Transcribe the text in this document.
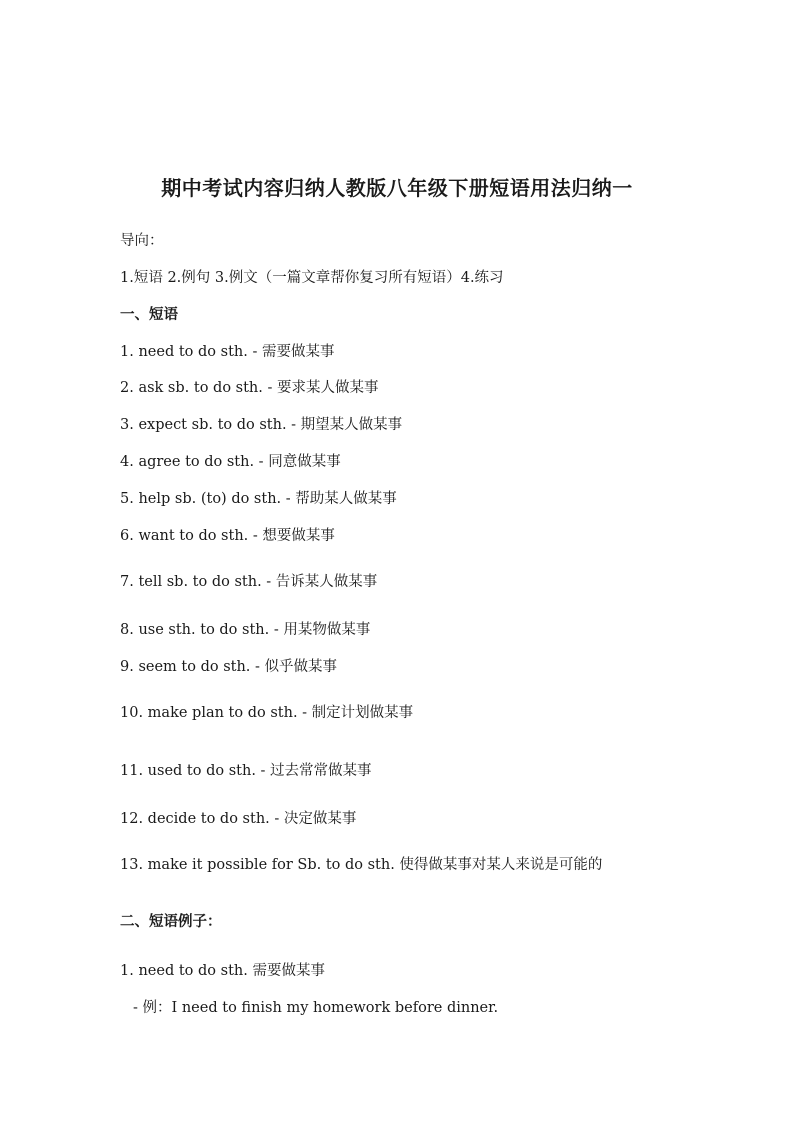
期中考试内容归纳人教版八年级下册短语用法归纳一
导向：
1.短语 2.例句 3.例文（一篇文章帮你复习所有短语）4.练习
一、短语
1. need to do sth. - 需要做某事
2. ask sb. to do sth. - 要求某人做某事
3. expect sb. to do sth. - 期望某人做某事
4. agree to do sth. - 同意做某事
5. help sb. (to) do sth. - 帮助某人做某事
6. want to do sth. - 想要做某事
7. tell sb. to do sth. - 告诉某人做某事
8. use sth. to do sth. - 用某物做某事
9. seem to do sth. - 似乎做某事
10. make plan to do sth. - 制定计划做某事
11. used to do sth. - 过去常常做某事
12. decide to do sth. - 决定做某事
13. make it possible for Sb. to do sth. 使得做某事对某人来说是可能的
二、短语例子：
1. need to do sth. 需要做某事
- 例：I need to finish my homework before dinner.
